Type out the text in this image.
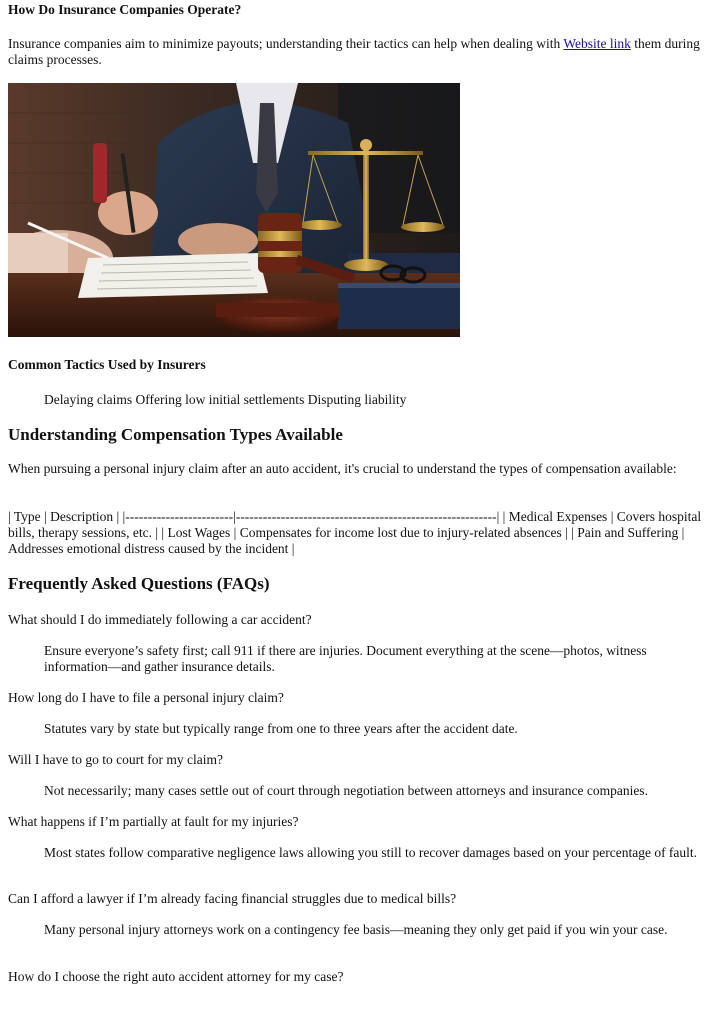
How Do Insurance Companies Operate?

Insurance companies aim to minimize payouts; understanding their tactics can help when dealing with Website link them during claims processes.

Common Tactics Used by Insurers

Delaying claims Offering low initial settlements Disputing liability

Understanding Compensation Types Available

When pursuing a personal injury claim after an auto accident, it's crucial to understand the types of compensation available:

| Type | Description | |------------------------|----------------------------------------------------------| | Medical Expenses | Covers hospital bills, therapy sessions, etc. | | Lost Wages | Compensates for income lost due to injury-related absences | | Pain and Suffering | Addresses emotional distress caused by the incident |

Frequently Asked Questions (FAQs)

What should I do immediately following a car accident?

Ensure everyone’s safety first; call 911 if there are injuries. Document everything at the scene—photos, witness information—and gather insurance details.

How long do I have to file a personal injury claim?

Statutes vary by state but typically range from one to three years after the accident date.

Will I have to go to court for my claim?

Not necessarily; many cases settle out of court through negotiation between attorneys and insurance companies.

What happens if I’m partially at fault for my injuries?

Most states follow comparative negligence laws allowing you still to recover damages based on your percentage of fault.

Can I afford a lawyer if I’m already facing financial struggles due to medical bills?

Many personal injury attorneys work on a contingency fee basis—meaning they only get paid if you win your case.

How do I choose the right auto accident attorney for my case?
